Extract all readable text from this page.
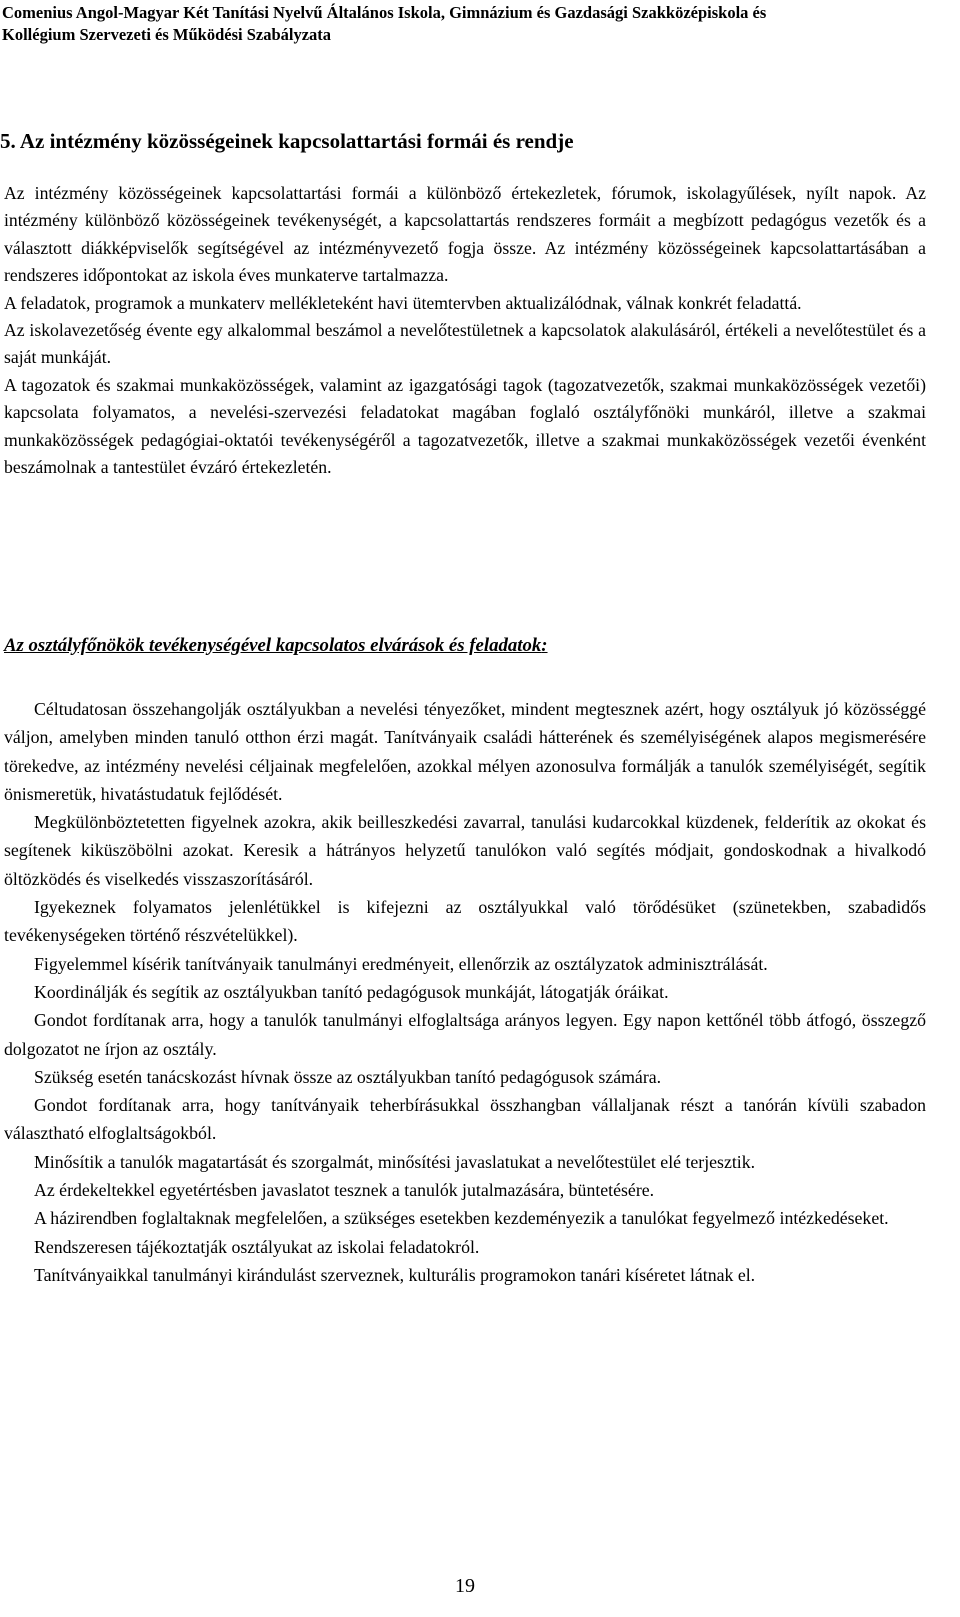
Comenius Angol-Magyar Két Tanítási Nyelvű Általános Iskola, Gimnázium és Gazdasági Szakközépiskola és
Kollégium Szervezeti és Működési Szabályzata
5. Az intézmény közösségeinek kapcsolattartási formái és rendje

Az intézmény közösségeinek kapcsolattartási formái a különböző értekezletek, fórumok, iskolagyűlések, nyílt napok. Az intézmény különböző közösségeinek tevékenységét, a kapcsolattartás rendszeres formáit a megbízott pedagógus vezetők és a választott diákképviselők segítségével az intézményvezető fogja össze. Az intézmény közösségeinek kapcsolattartásában a rendszeres időpontokat az iskola éves munkaterve tartalmazza.

A feladatok, programok a munkaterv mellékleteként havi ütemtervben aktualizálódnak, válnak konkrét feladattá.

Az iskolavezetőség évente egy alkalommal beszámol a nevelőtestületnek a kapcsolatok alakulásáról, értékeli a nevelőtestület és a saját munkáját.

A tagozatok és szakmai munkaközösségek, valamint az igazgatósági tagok (tagozatvezetők, szakmai munkaközösségek vezetői) kapcsolata folyamatos, a nevelési-szervezési feladatokat magában foglaló osztályfőnöki munkáról, illetve a szakmai munkaközösségek pedagógiai-oktatói tevékenységéről a tagozatvezetők, illetve a szakmai munkaközösségek vezetői évenként beszámolnak a tantestület évzáró értekezletén.

Az osztályfőnökök tevékenységével kapcsolatos elvárások és feladatok:

Céltudatosan összehangolják osztályukban a nevelési tényezőket, mindent megtesznek azért, hogy osztályuk jó közösséggé váljon, amelyben minden tanuló otthon érzi magát. Tanítványaik családi hátterének és személyiségének alapos megismerésére törekedve, az intézmény nevelési céljainak megfelelően, azokkal mélyen azonosulva formálják a tanulók személyiségét, segítik önismeretük, hivatástudatuk fejlődését.

Megkülönböztetetten figyelnek azokra, akik beilleszkedési zavarral, tanulási kudarcokkal küzdenek, felderítik az okokat és segítenek kiküszöbölni azokat. Keresik a hátrányos helyzetű tanulókon való segítés módjait, gondoskodnak a hivalkodó öltözködés és viselkedés visszaszorításáról.

Igyekeznek folyamatos jelenlétükkel is kifejezni az osztályukkal való törődésüket (szünetekben, szabadidős tevékenységeken történő részvételükkel).

Figyelemmel kísérik tanítványaik tanulmányi eredményeit, ellenőrzik az osztályzatok adminisztrálását.

Koordinálják és segítik az osztályukban tanító pedagógusok munkáját, látogatják óráikat.

Gondot fordítanak arra, hogy a tanulók tanulmányi elfoglaltsága arányos legyen. Egy napon kettőnél több átfogó, összegző dolgozatot ne írjon az osztály.

Szükség esetén tanácskozást hívnak össze az osztályukban tanító pedagógusok számára.

Gondot fordítanak arra, hogy tanítványaik teherbírásukkal összhangban vállaljanak részt a tanórán kívüli szabadon választható elfoglaltságokból.

Minősítik a tanulók magatartását és szorgalmát, minősítési javaslatukat a nevelőtestület elé terjesztik.

Az érdekeltekkel egyetértésben javaslatot tesznek a tanulók jutalmazására, büntetésére.

A házirendben foglaltaknak megfelelően, a szükséges esetekben kezdeményezik a tanulókat fegyelmező intézkedéseket.

Rendszeresen tájékoztatják osztályukat az iskolai feladatokról.

Tanítványaikkal tanulmányi kirándulást szerveznek, kulturális programokon tanári kíséretet látnak el.

19
